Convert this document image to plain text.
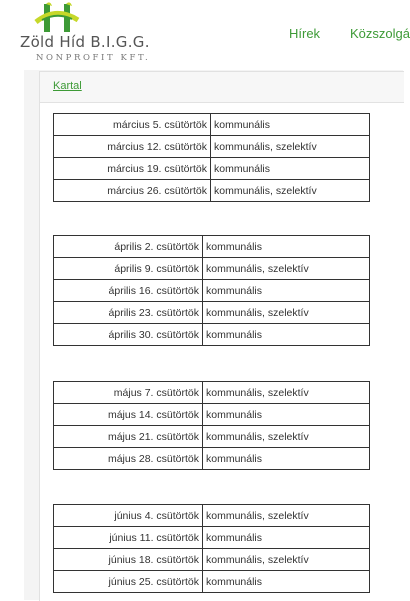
Zöld Híd B.I.G.G.
NONPROFIT KFT.
Hírek Közszolgá
Kartal
március 5. csütörtök	kommunális
március 12. csütörtök	kommunális, szelektív
március 19. csütörtök	kommunális
március 26. csütörtök	kommunális, szelektív
április 2. csütörtök	kommunális
április 9. csütörtök	kommunális, szelektív
április 16. csütörtök	kommunális
április 23. csütörtök	kommunális, szelektív
április 30. csütörtök	kommunális
május 7. csütörtök	kommunális, szelektív
május 14. csütörtök	kommunális
május 21. csütörtök	kommunális, szelektív
május 28. csütörtök	kommunális
június 4. csütörtök	kommunális, szelektív
június 11. csütörtök	kommunális
június 18. csütörtök	kommunális, szelektív
június 25. csütörtök	kommunális
